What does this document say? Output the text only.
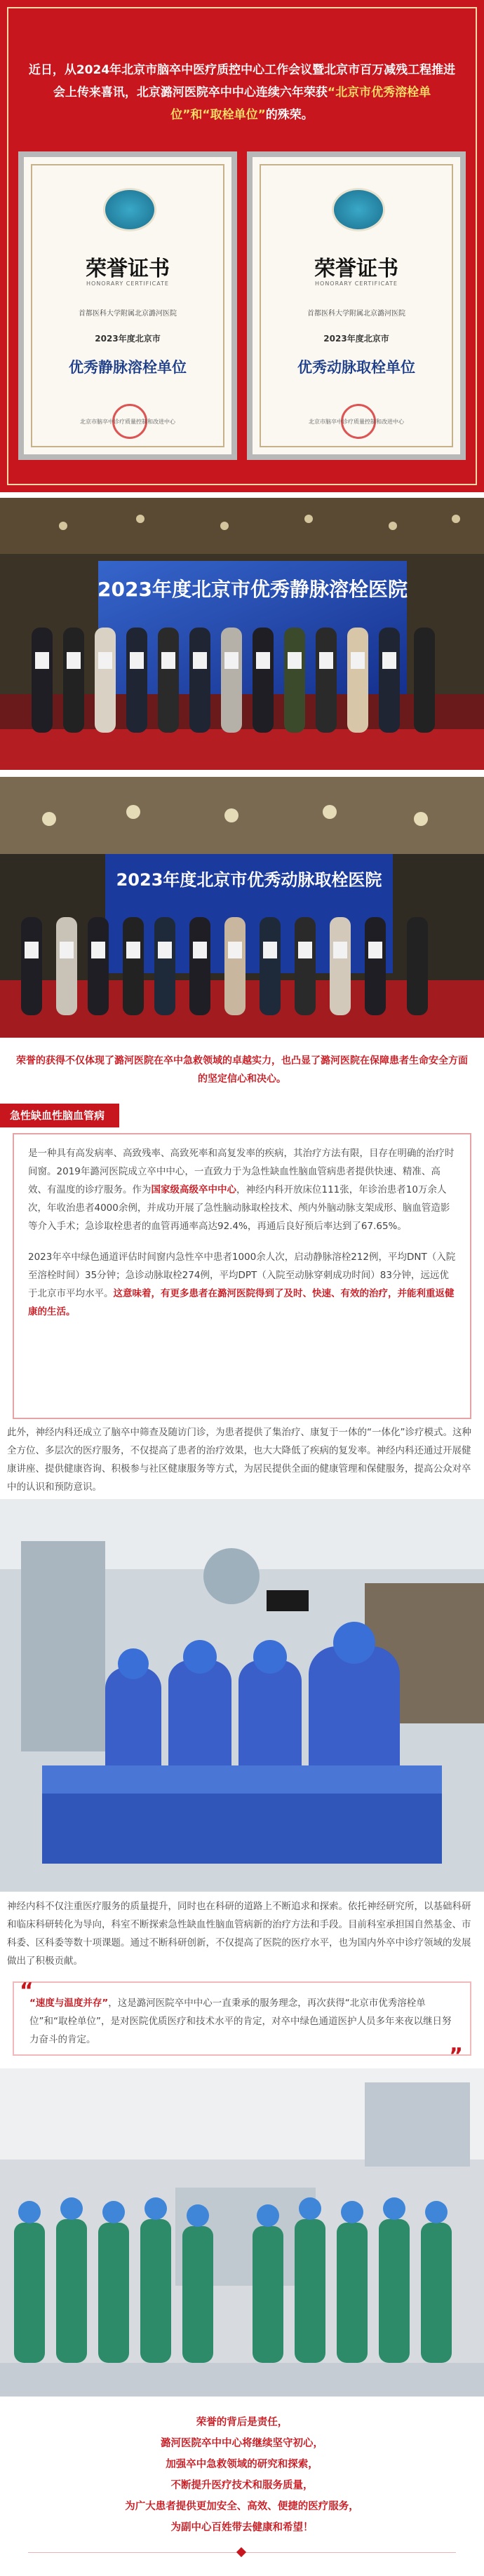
近日，从2024年北京市脑卒中医疗质控中心工作会议暨北京市百万减残工程推进会上传来喜讯，北京潞河医院卒中中心连续六年荣获“北京市优秀溶栓单位”和“取栓单位”的殊荣。

荣誉证书
HONORARY CERTIFICATE
首都医科大学附属北京潞河医院
2023年度北京市
优秀静脉溶栓单位
北京市脑卒中诊疗质量控制和改进中心
荣誉证书
HONORARY CERTIFICATE
首都医科大学附属北京潞河医院
2023年度北京市
优秀动脉取栓单位
北京市脑卒中诊疗质量控制和改进中心
2023年度北京市优秀静脉溶栓医院
2023年度北京市优秀动脉取栓医院

荣誉的获得不仅体现了潞河医院在卒中急救领域的卓越实力，也凸显了潞河医院在保障患者生命安全方面的坚定信心和决心。

急性缺血性脑血管病

是一种具有高发病率、高致残率、高致死率和高复发率的疾病，其治疗方法有限，目存在明确的治疗时间窗。2019年潞河医院成立卒中中心，一直致力于为急性缺血性脑血管病患者提供快速、精准、高效、有温度的诊疗服务。作为国家级高级卒中中心，神经内科开放床位111张，年诊治患者10万余人次，年收治患者4000余例，并成功开展了急性脑动脉取栓技术、颅内外脑动脉支架成形、脑血管造影等介入手术；急诊取栓患者的血管再通率高达92.4%，再通后良好预后率达到了67.65%。

2023年卒中绿色通道评估时间窗内急性卒中患者1000余人次，启动静脉溶栓212例，平均DNT（入院至溶栓时间）35分钟；急诊动脉取栓274例，平均DPT（入院至动脉穿刺成功时间）83分钟，远远优于北京市平均水平。这意味着，有更多患者在潞河医院得到了及时、快速、有效的治疗，并能利重返健康的生活。

此外，神经内科还成立了脑卒中筛查及随访门诊，为患者提供了集治疗、康复于一体的“一体化”诊疗模式。这种全方位、多层次的医疗服务，不仅提高了患者的治疗效果，也大大降低了疾病的复发率。神经内科还通过开展健康讲座、提供健康咨询、积极参与社区健康服务等方式，为居民提供全面的健康管理和保健服务，提高公众对卒中的认识和预防意识。

神经内科不仅注重医疗服务的质量提升，同时也在科研的道路上不断追求和探索。依托神经研究所，以基础科研和临床科研转化为导向，科室不断探索急性缺血性脑血管病新的治疗方法和手段。目前科室承担国自然基金、市科委、区科委等数十项课题。通过不断科研创新，不仅提高了医院的医疗水平，也为国内外卒中诊疗领域的发展做出了积极贡献。

“

“速度与温度并存”，这是潞河医院卒中中心一直秉承的服务理念，再次获得“北京市优秀溶栓单位”和“取栓单位”，是对医院优质医疗和技术水平的肯定，对卒中绿色通道医护人员多年来夜以继日努力奋斗的肯定。

”

荣誉的背后是责任，
潞河医院卒中中心将继续坚守初心，
加强卒中急救领域的研究和探索，
不断提升医疗技术和服务质量，
为广大患者提供更加安全、高效、便捷的医疗服务，
为副中心百姓带去健康和希望！
